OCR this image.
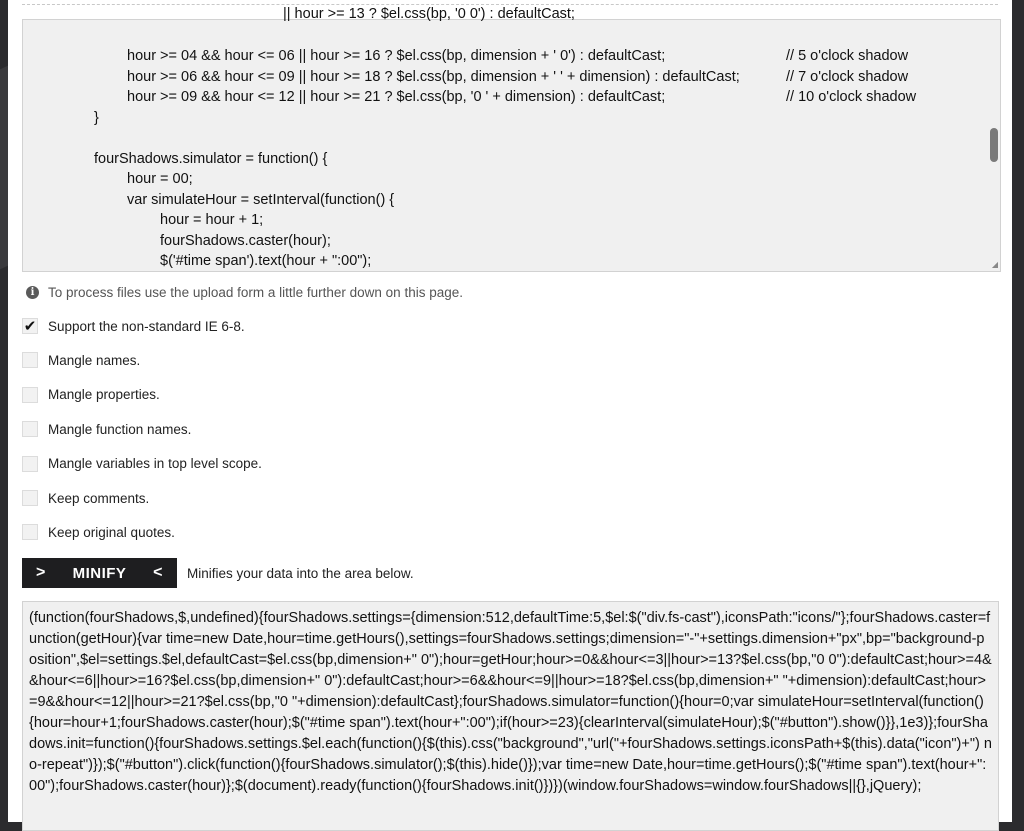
|| hour >= 13 ? $el.css(bp, '0 0') : defaultCast;
hour >= 04 && hour <= 06 || hour >= 16 ? $el.css(bp, dimension + ' 0') : defaultCast;	// 5 o'clock shadow
hour >= 06 && hour <= 09 || hour >= 18 ? $el.css(bp, dimension + ' ' + dimension) : defaultCast;	// 7 o'clock shadow
hour >= 09 && hour <= 12 || hour >= 21 ? $el.css(bp, '0 ' + dimension) : defaultCast;	// 10 o'clock shadow
}
fourShadows.simulator = function() {
hour = 00;
var simulateHour = setInterval(function() {
hour = hour + 1;
fourShadows.caster(hour);
$('#time span').text(hour + ":00");	◢
i	To process files use the upload form a little further down on this page.
✔ Support the non-standard IE 6-8.
Mangle names.
Mangle properties.
Mangle function names.
Mangle variables in top level scope.
Keep comments.
Keep original quotes.
> MINIFY < Minifies your data into the area below.
(function(fourShadows,$,undefined){fourShadows.settings={dimension:512,defaultTime:5,$el:$("div.fs-cast"),iconsPath:"icons/"};fourShadows.caster=function(getHour){var time=new Date,hour=time.getHours(),settings=fourShadows.settings;dimension="-"+settings.dimension+"px",bp="background-position",$el=settings.$el,defaultCast=$el.css(bp,dimension+" 0");hour=getHour;hour>=0&&hour<=3||hour>=13?$el.css(bp,"0 0"):defaultCast;hour>=4&&hour<=6||hour>=16?$el.css(bp,dimension+" 0"):defaultCast;hour>=6&&hour<=9||hour>=18?$el.css(bp,dimension+" "+dimension):defaultCast;hour>=9&&hour<=12||hour>=21?$el.css(bp,"0 "+dimension):defaultCast};fourShadows.simulator=function(){hour=0;var simulateHour=setInterval(function(){hour=hour+1;fourShadows.caster(hour);$("#time span").text(hour+":00");if(hour>=23){clearInterval(simulateHour);$("#button").show()}},1e3)};fourShadows.init=function(){fourShadows.settings.$el.each(function(){$(this).css("background","url("+fourShadows.settings.iconsPath+$(this).data("icon")+") no-repeat")});$("#button").click(function(){fourShadows.simulator();$(this).hide()});var time=new Date,hour=time.getHours();$("#time span").text(hour+":00");fourShadows.caster(hour)};$(document).ready(function(){fourShadows.init()})})(window.fourShadows=window.fourShadows||{},jQuery);
